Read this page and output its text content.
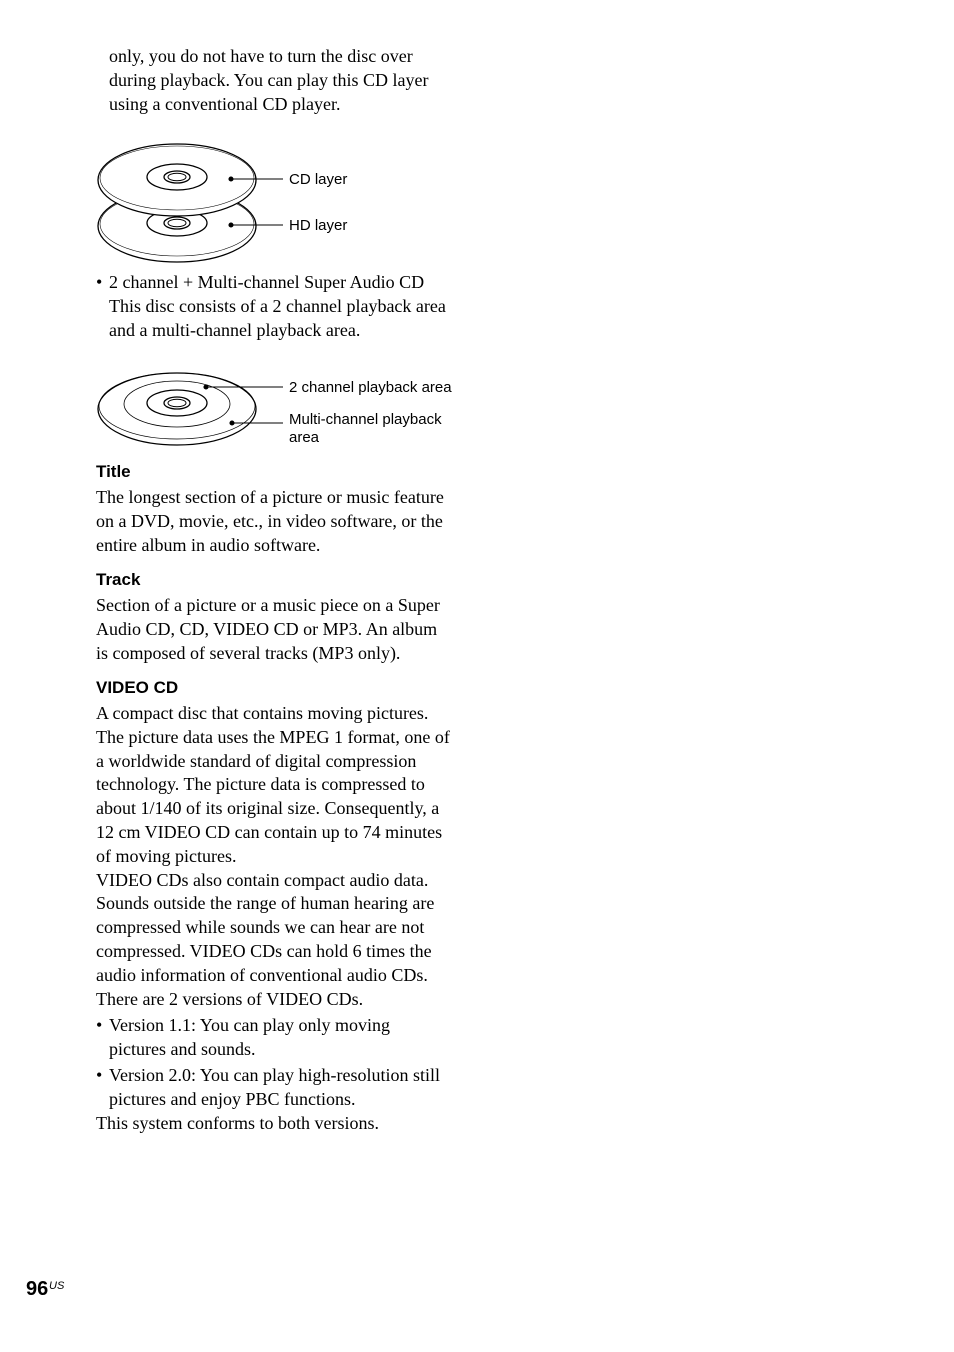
only, you do not have to turn the disc over
during playback. You can play this CD layer
using a conventional CD player.
CD layer
HD layer
• 2 channel + Multi-channel Super Audio CD
This disc consists of a 2 channel playback area
and a multi-channel playback area.
2 channel playback area
Multi-channel playback
area
Title
The longest section of a picture or music feature
on a DVD, movie, etc., in video software, or the
entire album in audio software.
Track
Section of a picture or a music piece on a Super
Audio CD, CD, VIDEO CD or MP3. An album
is composed of several tracks (MP3 only).
VIDEO CD
A compact disc that contains moving pictures.
The picture data uses the MPEG 1 format, one of
a worldwide standard of digital compression
technology. The picture data is compressed to
about 1/140 of its original size. Consequently, a
12 cm VIDEO CD can contain up to 74 minutes
of moving pictures.
VIDEO CDs also contain compact audio data.
Sounds outside the range of human hearing are
compressed while sounds we can hear are not
compressed. VIDEO CDs can hold 6 times the
audio information of conventional audio CDs.
There are 2 versions of VIDEO CDs.
• Version 1.1: You can play only moving
pictures and sounds.
• Version 2.0: You can play high-resolution still
pictures and enjoy PBC functions.
This system conforms to both versions.
96 US
